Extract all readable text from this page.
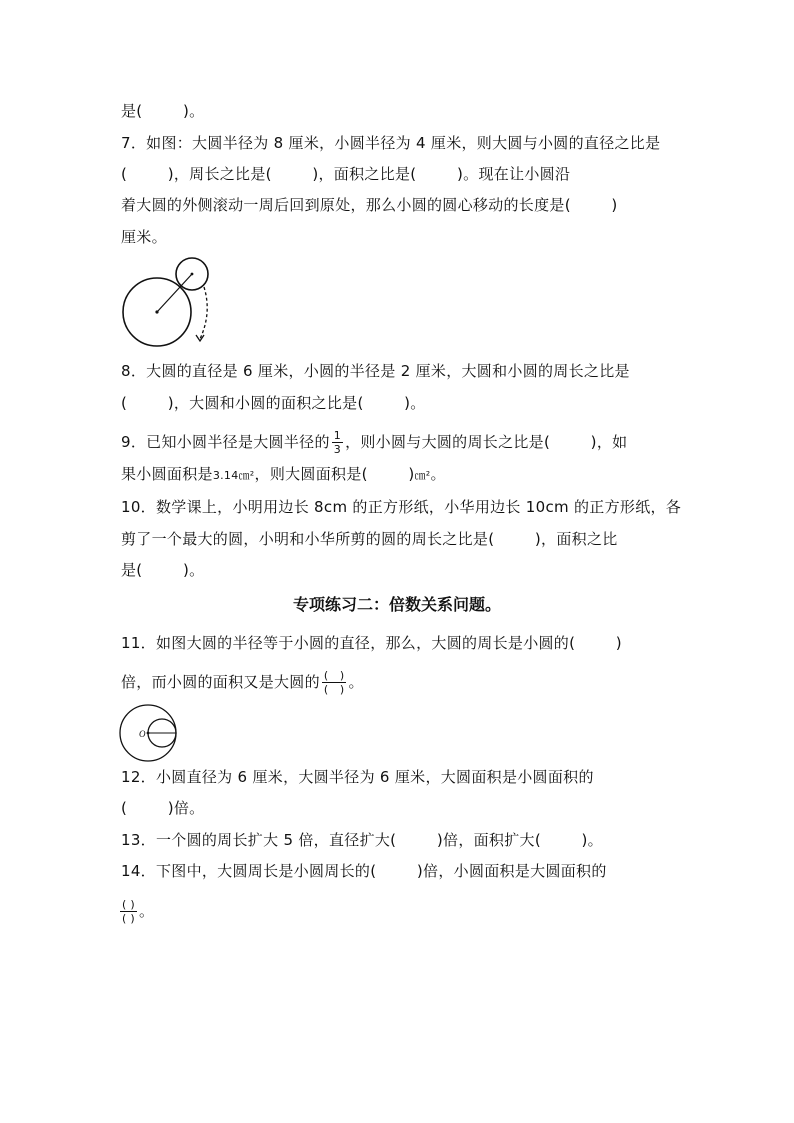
是(	)。
7．如图：大圆半径为 8 厘米，小圆半径为 4 厘米，则大圆与小圆的直径之比是
(	)，周长之比是(	)，面积之比是(	)。现在让小圆沿
着大圆的外侧滚动一周后回到原处，那么小圆的圆心移动的长度是(	)
厘米。
8．大圆的直径是 6 厘米，小圆的半径是 2 厘米，大圆和小圆的周长之比是
(	)，大圆和小圆的面积之比是(	)。
9．已知小圆半径是大圆半径的 $\frac{1}{3}$ ，则小圆与大圆的周长之比是(	)，如
果小圆面积是3.14㎝²，则大圆面积是(	)㎝²。
10．数学课上，小明用边长 8cm 的正方形纸，小华用边长 10cm 的正方形纸，各
剪了一个最大的圆，小明和小华所剪的圆的周长之比是(	)，面积之比
是(	)。
专项练习二：倍数关系问题。
11．如图大圆的半径等于小圆的直径，那么，大圆的周长是小圆的(	)
倍，而小圆的面积又是大圆的 $\frac{( )}{( )}$ 。
O
12．小圆直径为 6 厘米，大圆半径为 6 厘米，大圆面积是小圆面积的
(	)倍。
13．一个圆的周长扩大 5 倍，直径扩大(	)倍，面积扩大(	)。
14．下图中，大圆周长是小圆周长的(	)倍，小圆面积是大圆面积的
$\frac{( )}{( )}$ 。
